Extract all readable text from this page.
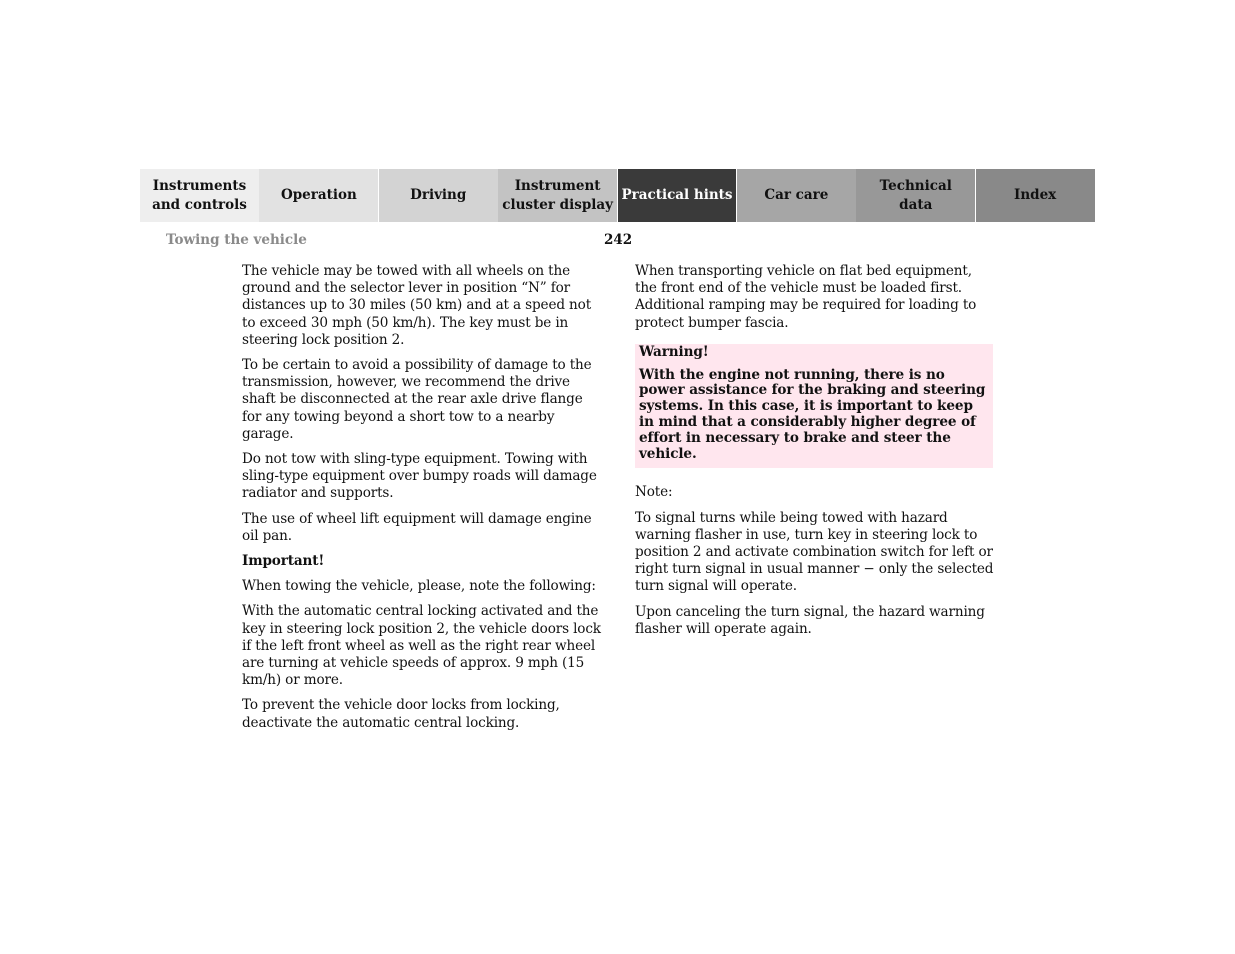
Instruments
and controls
Operation	Driving
Instrument
cluster display
Practical hints	Car care
Technical
data
Index
Towing the vehicle	242

The vehicle may be towed with all wheels on the ground and the selector lever in position “N” for distances up to 30 miles (50 km) and at a speed not to exceed 30 mph (50 km/h). The key must be in steering lock position 2.

To be certain to avoid a possibility of damage to the transmission, however, we recommend the drive shaft be disconnected at the rear axle drive flange for any towing beyond a short tow to a nearby garage.

Do not tow with sling-type equipment. Towing with sling-type equipment over bumpy roads will damage radiator and supports.

The use of wheel lift equipment will damage engine oil pan.

Important!

When towing the vehicle, please, note the following:

With the automatic central locking activated and the key in steering lock position 2, the vehicle doors lock if the left front wheel as well as the right rear wheel are turning at vehicle speeds of approx. 9 mph (15 km/h) or more.

To prevent the vehicle door locks from locking, deactivate the automatic central locking.

When transporting vehicle on flat bed equipment, the front end of the vehicle must be loaded first. Additional ramping may be required for loading to protect bumper fascia.

Warning!
With the engine not running, there is no power assistance for the braking and steering systems. In this case, it is important to keep in mind that a considerably higher degree of effort in necessary to brake and steer the vehicle.

Note:

To signal turns while being towed with hazard warning flasher in use, turn key in steering lock to position 2 and activate combination switch for left or right turn signal in usual manner − only the selected turn signal will operate.

Upon canceling the turn signal, the hazard warning flasher will operate again.
